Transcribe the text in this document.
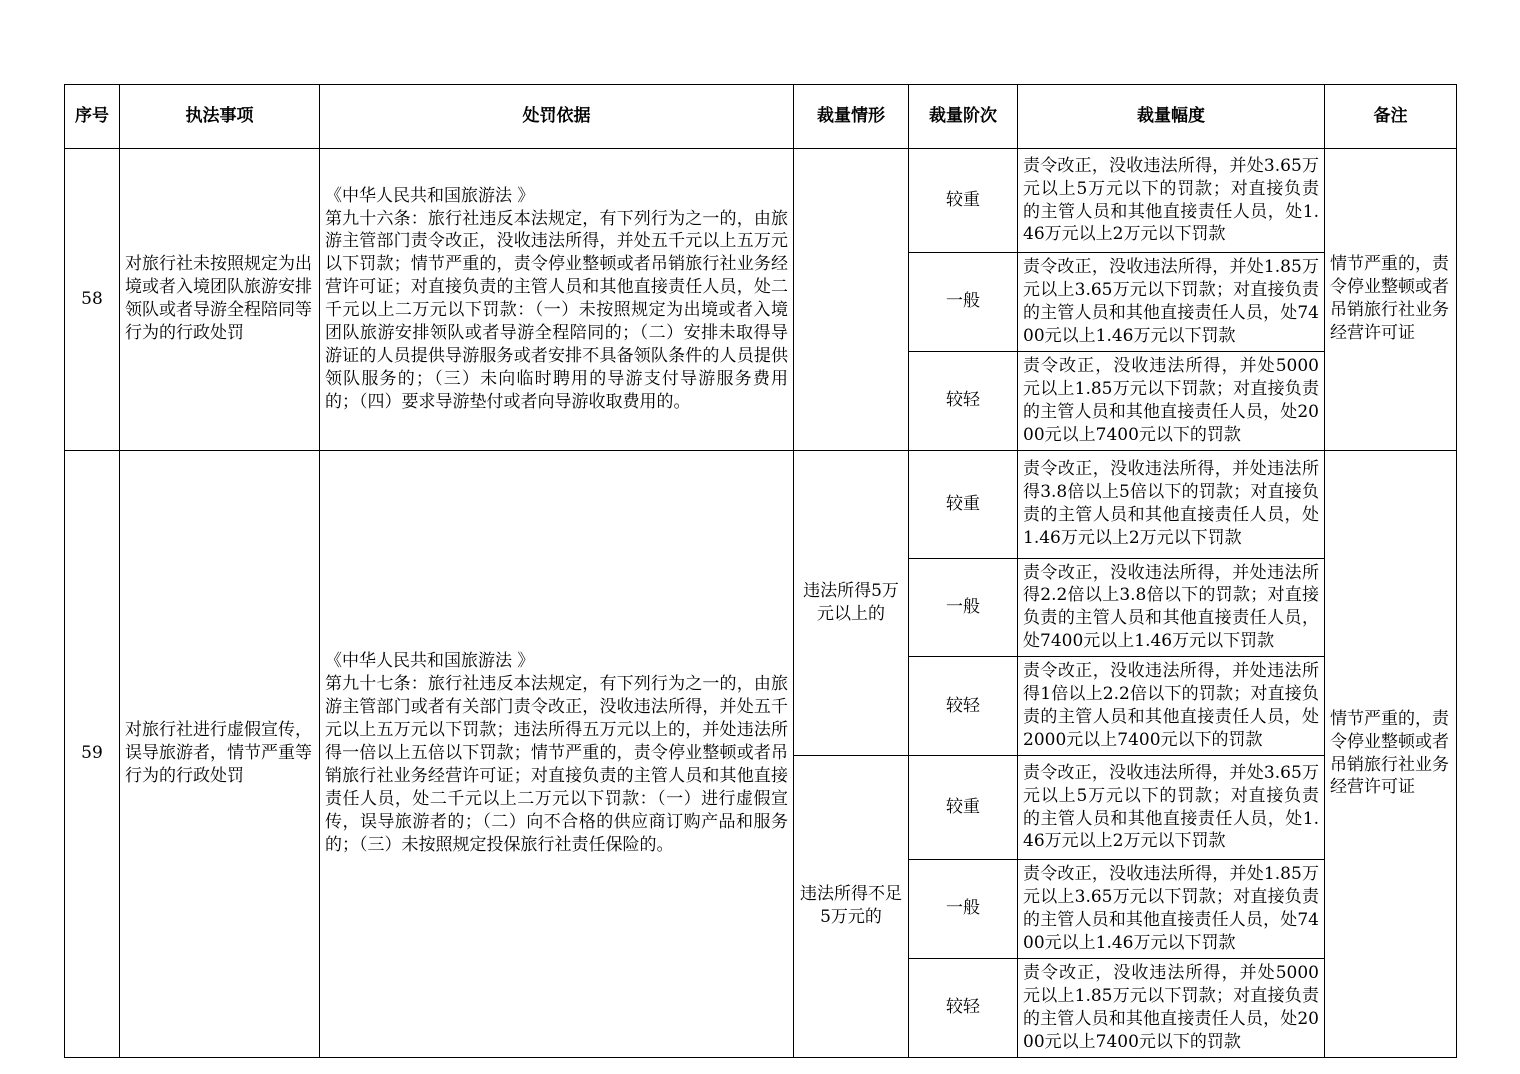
序号	执法事项	处罚依据	裁量情形	裁量阶次	裁量幅度	备注
58	对旅行社未按照规定为出境或者入境团队旅游安排领队或者导游全程陪同等行为的行政处罚	《中华人民共和国旅游法 》
第九十六条：旅行社违反本法规定，有下列行为之一的，由旅游主管部门责令改正，没收违法所得，并处五千元以上五万元以下罚款；情节严重的，责令停业整顿或者吊销旅行社业务经营许可证；对直接负责的主管人员和其他直接责任人员，处二千元以上二万元以下罚款：（一）未按照规定为出境或者入境团队旅游安排领队或者导游全程陪同的；（二）安排未取得导游证的人员提供导游服务或者安排不具备领队条件的人员提供领队服务的；（三）未向临时聘用的导游支付导游服务费用的；（四）要求导游垫付或者向导游收取费用的。		较重	责令改正，没收违法所得，并处3.65万元以上5万元以下的罚款；对直接负责的主管人员和其他直接责任人员，处1.46万元以上2万元以下罚款	情节严重的，责令停业整顿或者吊销旅行社业务经营许可证
				一般	责令改正，没收违法所得，并处1.85万元以上3.65万元以下罚款；对直接负责的主管人员和其他直接责任人员，处7400元以上1.46万元以下罚款	
				较轻	责令改正，没收违法所得，并处5000元以上1.85万元以下罚款；对直接负责的主管人员和其他直接责任人员，处2000元以上7400元以下的罚款	
59	对旅行社进行虚假宣传，误导旅游者，情节严重等行为的行政处罚	《中华人民共和国旅游法 》
第九十七条：旅行社违反本法规定，有下列行为之一的，由旅游主管部门或者有关部门责令改正，没收违法所得，并处五千元以上五万元以下罚款；违法所得五万元以上的，并处违法所得一倍以上五倍以下罚款；情节严重的，责令停业整顿或者吊销旅行社业务经营许可证；对直接负责的主管人员和其他直接责任人员，处二千元以上二万元以下罚款：（一）进行虚假宣传，误导旅游者的；（二）向不合格的供应商订购产品和服务的；（三）未按照规定投保旅行社责任保险的。	违法所得5万元以上的	较重	责令改正，没收违法所得，并处违法所得3.8倍以上5倍以下的罚款；对直接负责的主管人员和其他直接责任人员，处1.46万元以上2万元以下罚款	情节严重的，责令停业整顿或者吊销旅行社业务经营许可证
				一般	责令改正，没收违法所得，并处违法所得2.2倍以上3.8倍以下的罚款；对直接负责的主管人员和其他直接责任人员，处7400元以上1.46万元以下罚款	
				较轻	责令改正，没收违法所得，并处违法所得1倍以上2.2倍以下的罚款；对直接负责的主管人员和其他直接责任人员，处2000元以上7400元以下的罚款	
			违法所得不足5万元的	较重	责令改正，没收违法所得，并处3.65万元以上5万元以下的罚款；对直接负责的主管人员和其他直接责任人员，处1.46万元以上2万元以下罚款	
				一般	责令改正，没收违法所得，并处1.85万元以上3.65万元以下罚款；对直接负责的主管人员和其他直接责任人员，处7400元以上1.46万元以下罚款	
				较轻	责令改正，没收违法所得，并处5000元以上1.85万元以下罚款；对直接负责的主管人员和其他直接责任人员，处2000元以上7400元以下的罚款	
